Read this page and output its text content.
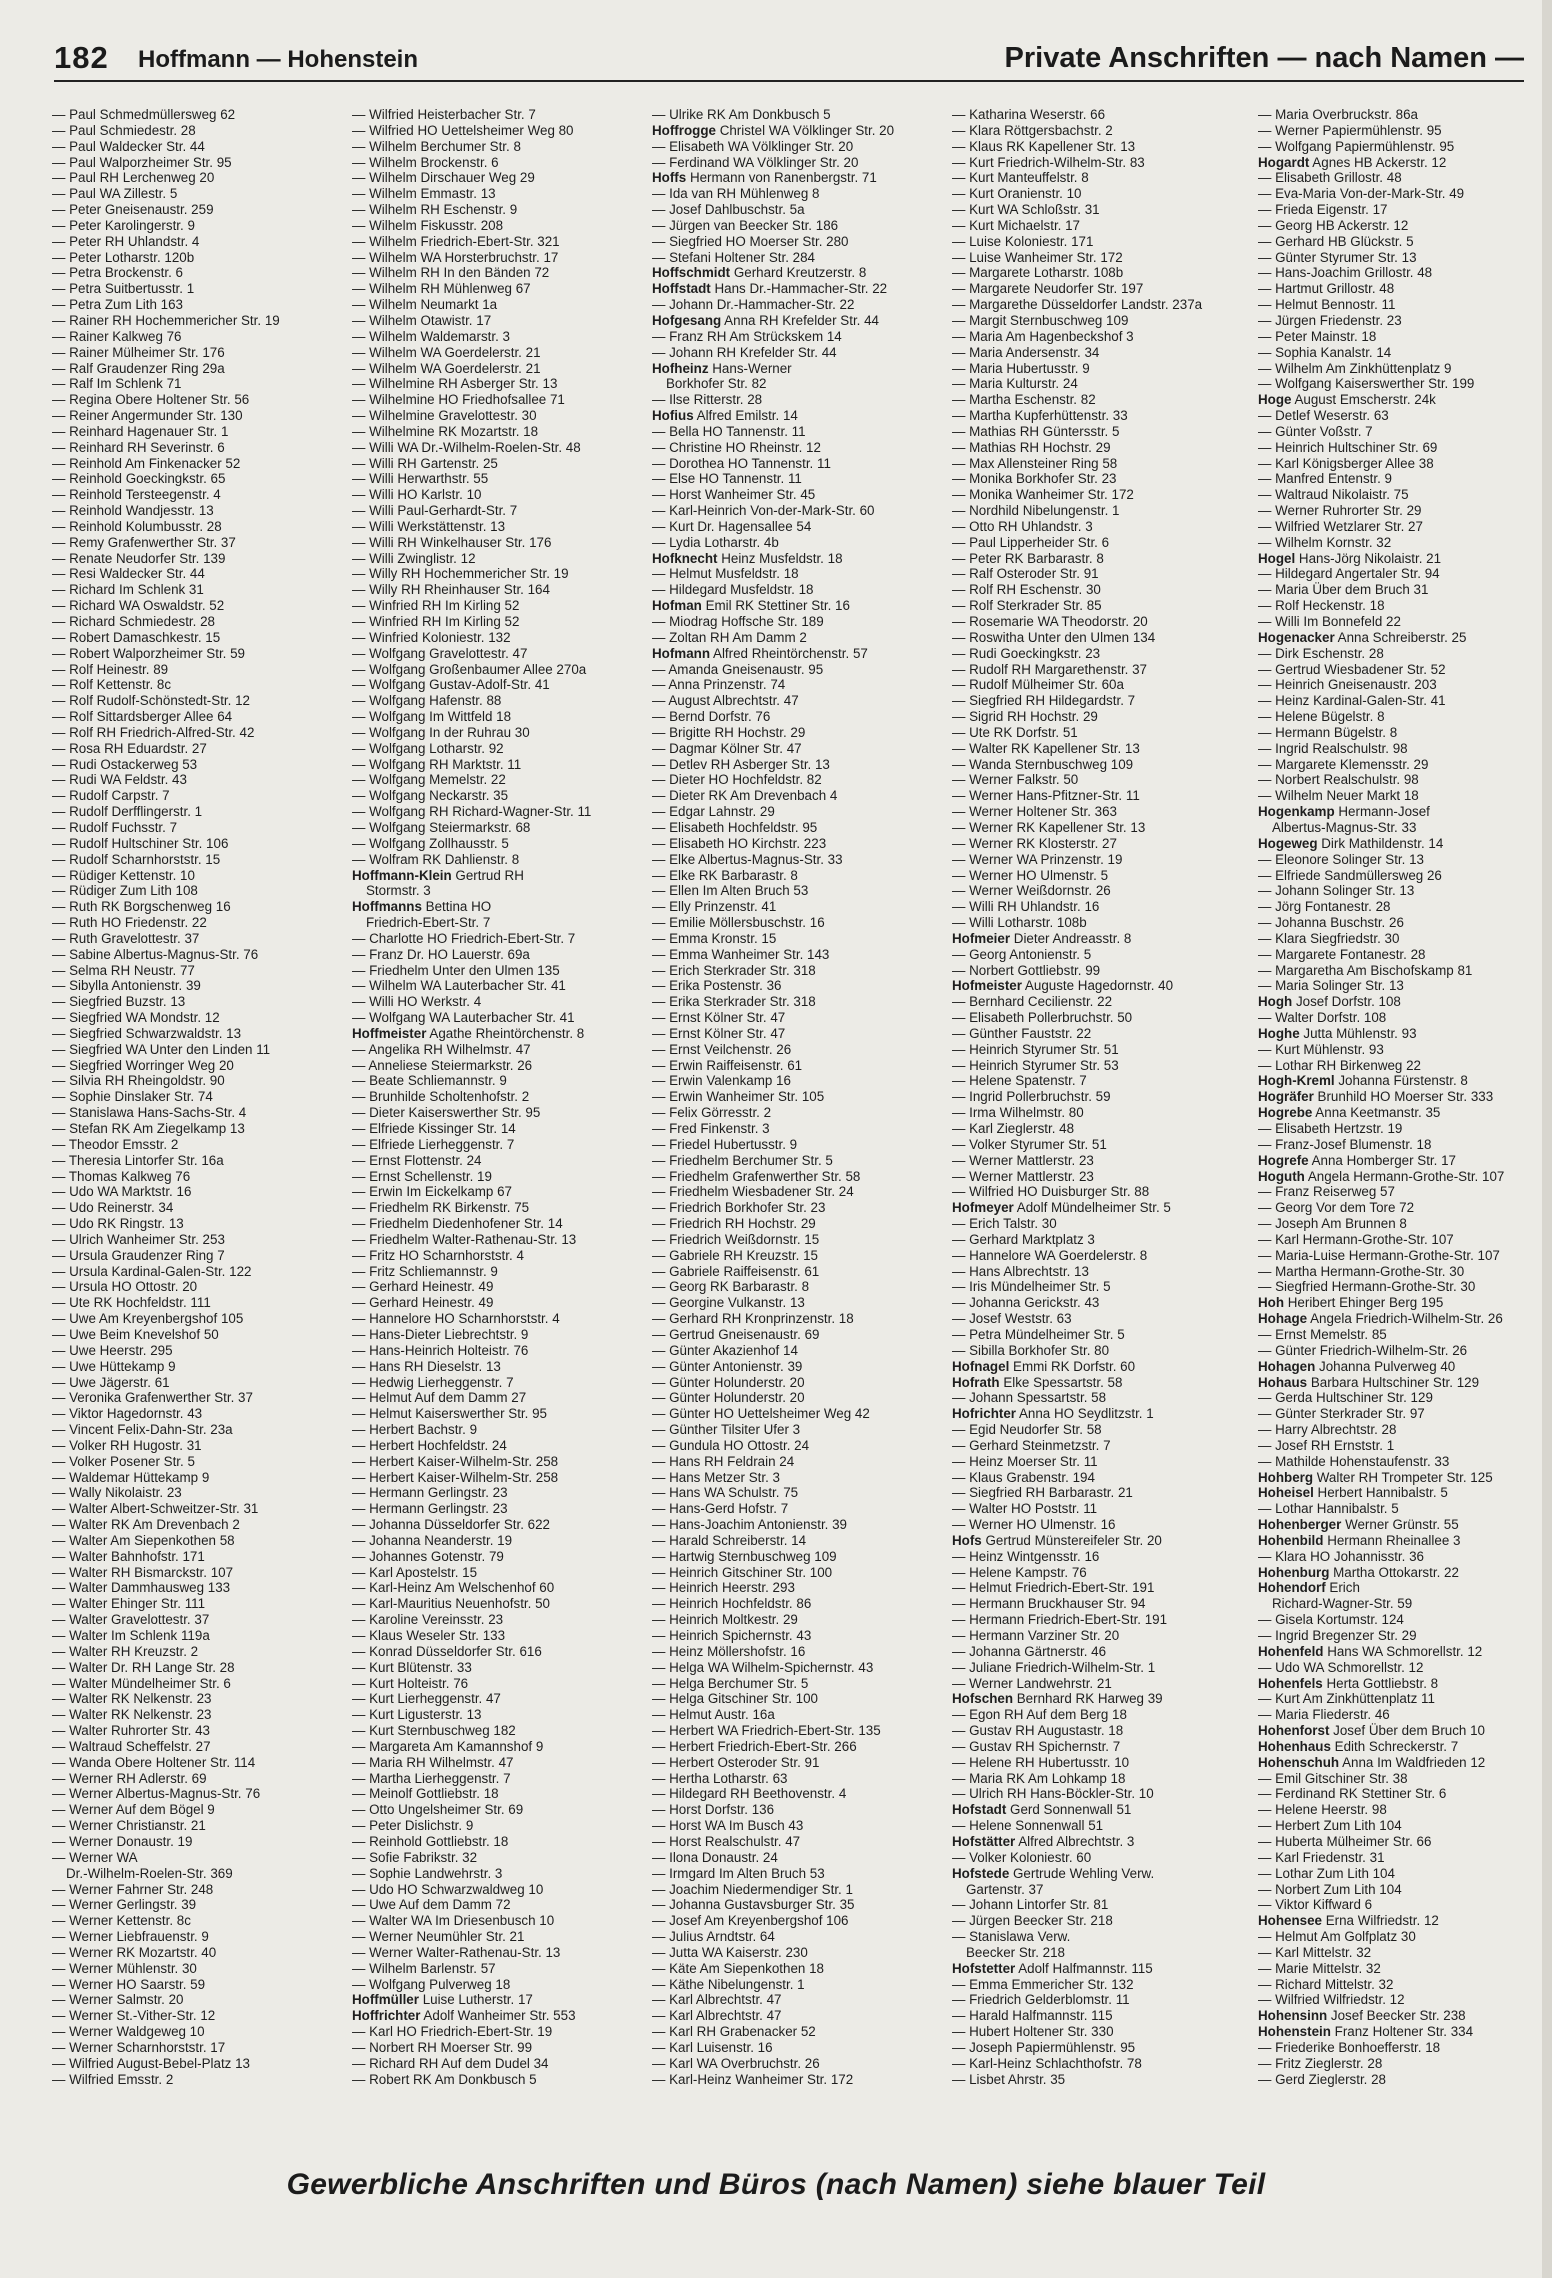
182 Hoffmann — Hohenstein	Private Anschriften — nach Namen —
— Paul Schmedmüllersweg 62
— Paul Schmiedestr. 28
— Paul Waldecker Str. 44
— Paul Walporzheimer Str. 95
— Paul RH Lerchenweg 20
— Paul WA Zillestr. 5
— Peter Gneisenaustr. 259
— Peter Karolingerstr. 9
— Peter RH Uhlandstr. 4
— Peter Lotharstr. 120b
— Petra Brockenstr. 6
— Petra Suitbertusstr. 1
— Petra Zum Lith 163
— Rainer RH Hochemmericher Str. 19
— Rainer Kalkweg 76
— Rainer Mülheimer Str. 176
— Ralf Graudenzer Ring 29a
— Ralf Im Schlenk 71
— Regina Obere Holtener Str. 56
— Reiner Angermunder Str. 130
— Reinhard Hagenauer Str. 1
— Reinhard RH Severinstr. 6
— Reinhold Am Finkenacker 52
— Reinhold Goeckingkstr. 65
— Reinhold Tersteegenstr. 4
— Reinhold Wandjesstr. 13
— Reinhold Kolumbusstr. 28
— Remy Grafenwerther Str. 37
— Renate Neudorfer Str. 139
— Resi Waldecker Str. 44
— Richard Im Schlenk 31
— Richard WA Oswaldstr. 52
— Richard Schmiedestr. 28
— Robert Damaschkestr. 15
— Robert Walporzheimer Str. 59
— Rolf Heinestr. 89
— Rolf Kettenstr. 8c
— Rolf Rudolf-Schönstedt-Str. 12
— Rolf Sittardsberger Allee 64
— Rolf RH Friedrich-Alfred-Str. 42
— Rosa RH Eduardstr. 27
— Rudi Ostackerweg 53
— Rudi WA Feldstr. 43
— Rudolf Carpstr. 7
— Rudolf Derfflingerstr. 1
— Rudolf Fuchsstr. 7
— Rudolf Hultschiner Str. 106
— Rudolf Scharnhorststr. 15
— Rüdiger Kettenstr. 10
— Rüdiger Zum Lith 108
— Ruth RK Borgschenweg 16
— Ruth HO Friedenstr. 22
— Ruth Gravelottestr. 37
— Sabine Albertus-Magnus-Str. 76
— Selma RH Neustr. 77
— Sibylla Antonienstr. 39
— Siegfried Buzstr. 13
— Siegfried WA Mondstr. 12
— Siegfried Schwarzwaldstr. 13
— Siegfried WA Unter den Linden 11
— Siegfried Worringer Weg 20
— Silvia RH Rheingoldstr. 90
— Sophie Dinslaker Str. 74
— Stanislawa Hans-Sachs-Str. 4
— Stefan RK Am Ziegelkamp 13
— Theodor Emsstr. 2
— Theresia Lintorfer Str. 16a
— Thomas Kalkweg 76
— Udo WA Marktstr. 16
— Udo Reinerstr. 34
— Udo RK Ringstr. 13
— Ulrich Wanheimer Str. 253
— Ursula Graudenzer Ring 7
— Ursula Kardinal-Galen-Str. 122
— Ursula HO Ottostr. 20
— Ute RK Hochfeldstr. 111
— Uwe Am Kreyenbergshof 105
— Uwe Beim Knevelshof 50
— Uwe Heerstr. 295
— Uwe Hüttekamp 9
— Uwe Jägerstr. 61
— Veronika Grafenwerther Str. 37
— Viktor Hagedornstr. 43
— Vincent Felix-Dahn-Str. 23a
— Volker RH Hugostr. 31
— Volker Posener Str. 5
— Waldemar Hüttekamp 9
— Wally Nikolaistr. 23
— Walter Albert-Schweitzer-Str. 31
— Walter RK Am Drevenbach 2
— Walter Am Siepenkothen 58
— Walter Bahnhofstr. 171
— Walter RH Bismarckstr. 107
— Walter Dammhausweg 133
— Walter Ehinger Str. 111
— Walter Gravelottestr. 37
— Walter Im Schlenk 119a
— Walter RH Kreuzstr. 2
— Walter Dr. RH Lange Str. 28
— Walter Mündelheimer Str. 6
— Walter RK Nelkenstr. 23
— Walter RK Nelkenstr. 23
— Walter Ruhrorter Str. 43
— Waltraud Scheffelstr. 27
— Wanda Obere Holtener Str. 114
— Werner RH Adlerstr. 69
— Werner Albertus-Magnus-Str. 76
— Werner Auf dem Bögel 9
— Werner Christianstr. 21
— Werner Donaustr. 19
— Werner WA
Dr.-Wilhelm-Roelen-Str. 369
— Werner Fahrner Str. 248
— Werner Gerlingstr. 39
— Werner Kettenstr. 8c
— Werner Liebfrauenstr. 9
— Werner RK Mozartstr. 40
— Werner Mühlenstr. 30
— Werner HO Saarstr. 59
— Werner Salmstr. 20
— Werner St.-Vither-Str. 12
— Werner Waldgeweg 10
— Werner Scharnhorststr. 17
— Wilfried August-Bebel-Platz 13
— Wilfried Emsstr. 2
— Wilfried Heisterbacher Str. 7
— Wilfried HO Uettelsheimer Weg 80
— Wilhelm Berchumer Str. 8
— Wilhelm Brockenstr. 6
— Wilhelm Dirschauer Weg 29
— Wilhelm Emmastr. 13
— Wilhelm RH Eschenstr. 9
— Wilhelm Fiskusstr. 208
— Wilhelm Friedrich-Ebert-Str. 321
— Wilhelm WA Horsterbruchstr. 17
— Wilhelm RH In den Bänden 72
— Wilhelm RH Mühlenweg 67
— Wilhelm Neumarkt 1a
— Wilhelm Otawistr. 17
— Wilhelm Waldemarstr. 3
— Wilhelm WA Goerdelerstr. 21
— Wilhelm WA Goerdelerstr. 21
— Wilhelmine RH Asberger Str. 13
— Wilhelmine HO Friedhofsallee 71
— Wilhelmine Gravelottestr. 30
— Wilhelmine RK Mozartstr. 18
— Willi WA Dr.-Wilhelm-Roelen-Str. 48
— Willi RH Gartenstr. 25
— Willi Herwarthstr. 55
— Willi HO Karlstr. 10
— Willi Paul-Gerhardt-Str. 7
— Willi Werkstättenstr. 13
— Willi RH Winkelhauser Str. 176
— Willi Zwinglistr. 12
— Willy RH Hochemmericher Str. 19
— Willy RH Rheinhauser Str. 164
— Winfried RH Im Kirling 52
— Winfried RH Im Kirling 52
— Winfried Koloniestr. 132
— Wolfgang Gravelottestr. 47
— Wolfgang Großenbaumer Allee 270a
— Wolfgang Gustav-Adolf-Str. 41
— Wolfgang Hafenstr. 88
— Wolfgang Im Wittfeld 18
— Wolfgang In der Ruhrau 30
— Wolfgang Lotharstr. 92
— Wolfgang RH Marktstr. 11
— Wolfgang Memelstr. 22
— Wolfgang Neckarstr. 35
— Wolfgang RH Richard-Wagner-Str. 11
— Wolfgang Steiermarkstr. 68
— Wolfgang Zollhausstr. 5
— Wolfram RK Dahlienstr. 8
Hoffmann-Klein Gertrud RH
Stormstr. 3
Hoffmanns Bettina HO
Friedrich-Ebert-Str. 7
— Charlotte HO Friedrich-Ebert-Str. 7
— Franz Dr. HO Lauerstr. 69a
— Friedhelm Unter den Ulmen 135
— Wilhelm WA Lauterbacher Str. 41
— Willi HO Werkstr. 4
— Wolfgang WA Lauterbacher Str. 41
Hoffmeister Agathe Rheintörchenstr. 8
— Angelika RH Wilhelmstr. 47
— Anneliese Steiermarkstr. 26
— Beate Schliemannstr. 9
— Brunhilde Scholtenhofstr. 2
— Dieter Kaiserswerther Str. 95
— Elfriede Kissinger Str. 14
— Elfriede Lierheggenstr. 7
— Ernst Flottenstr. 24
— Ernst Schellenstr. 19
— Erwin Im Eickelkamp 67
— Friedhelm RK Birkenstr. 75
— Friedhelm Diedenhofener Str. 14
— Friedhelm Walter-Rathenau-Str. 13
— Fritz HO Scharnhorststr. 4
— Fritz Schliemannstr. 9
— Gerhard Heinestr. 49
— Gerhard Heinestr. 49
— Hannelore HO Scharnhorststr. 4
— Hans-Dieter Liebrechtstr. 9
— Hans-Heinrich Holteistr. 76
— Hans RH Dieselstr. 13
— Hedwig Lierheggenstr. 7
— Helmut Auf dem Damm 27
— Helmut Kaiserswerther Str. 95
— Herbert Bachstr. 9
— Herbert Hochfeldstr. 24
— Herbert Kaiser-Wilhelm-Str. 258
— Herbert Kaiser-Wilhelm-Str. 258
— Hermann Gerlingstr. 23
— Hermann Gerlingstr. 23
— Johanna Düsseldorfer Str. 622
— Johanna Neanderstr. 19
— Johannes Gotenstr. 79
— Karl Apostelstr. 15
— Karl-Heinz Am Welschenhof 60
— Karl-Mauritius Neuenhofstr. 50
— Karoline Vereinsstr. 23
— Klaus Weseler Str. 133
— Konrad Düsseldorfer Str. 616
— Kurt Blütenstr. 33
— Kurt Holteistr. 76
— Kurt Lierheggenstr. 47
— Kurt Ligusterstr. 13
— Kurt Sternbuschweg 182
— Margareta Am Kamannshof 9
— Maria RH Wilhelmstr. 47
— Martha Lierheggenstr. 7
— Meinolf Gottliebstr. 18
— Otto Ungelsheimer Str. 69
— Peter Dislichstr. 9
— Reinhold Gottliebstr. 18
— Sofie Fabrikstr. 32
— Sophie Landwehrstr. 3
— Udo HO Schwarzwaldweg 10
— Uwe Auf dem Damm 72
— Walter WA Im Driesenbusch 10
— Werner Neumühler Str. 21
— Werner Walter-Rathenau-Str. 13
— Wilhelm Barlenstr. 57
— Wolfgang Pulverweg 18
Hoffmüller Luise Lutherstr. 17
Hoffrichter Adolf Wanheimer Str. 553
— Karl HO Friedrich-Ebert-Str. 19
— Norbert RH Moerser Str. 99
— Richard RH Auf dem Dudel 34
— Robert RK Am Donkbusch 5
— Ulrike RK Am Donkbusch 5
Hoffrogge Christel WA Völklinger Str. 20
— Elisabeth WA Völklinger Str. 20
— Ferdinand WA Völklinger Str. 20
Hoffs Hermann von Ranenbergstr. 71
— Ida van RH Mühlenweg 8
— Josef Dahlbuschstr. 5a
— Jürgen van Beecker Str. 186
— Siegfried HO Moerser Str. 280
— Stefani Holtener Str. 284
Hoffschmidt Gerhard Kreutzerstr. 8
Hoffstadt Hans Dr.-Hammacher-Str. 22
— Johann Dr.-Hammacher-Str. 22
Hofgesang Anna RH Krefelder Str. 44
— Franz RH Am Strückskem 14
— Johann RH Krefelder Str. 44
Hofheinz Hans-Werner
Borkhofer Str. 82
— Ilse Ritterstr. 28
Hofius Alfred Emilstr. 14
— Bella HO Tannenstr. 11
— Christine HO Rheinstr. 12
— Dorothea HO Tannenstr. 11
— Else HO Tannenstr. 11
— Horst Wanheimer Str. 45
— Karl-Heinrich Von-der-Mark-Str. 60
— Kurt Dr. Hagensallee 54
— Lydia Lotharstr. 4b
Hofknecht Heinz Musfeldstr. 18
— Helmut Musfeldstr. 18
— Hildegard Musfeldstr. 18
Hofman Emil RK Stettiner Str. 16
— Miodrag Hoffsche Str. 189
— Zoltan RH Am Damm 2
Hofmann Alfred Rheintörchenstr. 57
— Amanda Gneisenaustr. 95
— Anna Prinzenstr. 74
— August Albrechtstr. 47
— Bernd Dorfstr. 76
— Brigitte RH Hochstr. 29
— Dagmar Kölner Str. 47
— Detlev RH Asberger Str. 13
— Dieter HO Hochfeldstr. 82
— Dieter RK Am Drevenbach 4
— Edgar Lahnstr. 29
— Elisabeth Hochfeldstr. 95
— Elisabeth HO Kirchstr. 223
— Elke Albertus-Magnus-Str. 33
— Elke RK Barbarastr. 8
— Ellen Im Alten Bruch 53
— Elly Prinzenstr. 41
— Emilie Möllersbuschstr. 16
— Emma Kronstr. 15
— Emma Wanheimer Str. 143
— Erich Sterkrader Str. 318
— Erika Postenstr. 36
— Erika Sterkrader Str. 318
— Ernst Kölner Str. 47
— Ernst Kölner Str. 47
— Ernst Veilchenstr. 26
— Erwin Raiffeisenstr. 61
— Erwin Valenkamp 16
— Erwin Wanheimer Str. 105
— Felix Görresstr. 2
— Fred Finkenstr. 3
— Friedel Hubertusstr. 9
— Friedhelm Berchumer Str. 5
— Friedhelm Grafenwerther Str. 58
— Friedhelm Wiesbadener Str. 24
— Friedrich Borkhofer Str. 23
— Friedrich RH Hochstr. 29
— Friedrich Weißdornstr. 15
— Gabriele RH Kreuzstr. 15
— Gabriele Raiffeisenstr. 61
— Georg RK Barbarastr. 8
— Georgine Vulkanstr. 13
— Gerhard RH Kronprinzenstr. 18
— Gertrud Gneisenaustr. 69
— Günter Akazienhof 14
— Günter Antonienstr. 39
— Günter Holunderstr. 20
— Günter Holunderstr. 20
— Günter HO Uettelsheimer Weg 42
— Günther Tilsiter Ufer 3
— Gundula HO Ottostr. 24
— Hans RH Feldrain 24
— Hans Metzer Str. 3
— Hans WA Schulstr. 75
— Hans-Gerd Hofstr. 7
— Hans-Joachim Antonienstr. 39
— Harald Schreiberstr. 14
— Hartwig Sternbuschweg 109
— Heinrich Gitschiner Str. 100
— Heinrich Heerstr. 293
— Heinrich Hochfeldstr. 86
— Heinrich Moltkestr. 29
— Heinrich Spichernstr. 43
— Heinz Möllershofstr. 16
— Helga WA Wilhelm-Spichernstr. 43
— Helga Berchumer Str. 5
— Helga Gitschiner Str. 100
— Helmut Austr. 16a
— Herbert WA Friedrich-Ebert-Str. 135
— Herbert Friedrich-Ebert-Str. 266
— Herbert Osteroder Str. 91
— Hertha Lotharstr. 63
— Hildegard RH Beethovenstr. 4
— Horst Dorfstr. 136
— Horst WA Im Busch 43
— Horst Realschulstr. 47
— Ilona Donaustr. 24
— Irmgard Im Alten Bruch 53
— Joachim Niedermendiger Str. 1
— Johanna Gustavsburger Str. 35
— Josef Am Kreyenbergshof 106
— Julius Arndtstr. 64
— Jutta WA Kaiserstr. 230
— Käte Am Siepenkothen 18
— Käthe Nibelungenstr. 1
— Karl Albrechtstr. 47
— Karl Albrechtstr. 47
— Karl RH Grabenacker 52
— Karl Luisenstr. 16
— Karl WA Overbruchstr. 26
— Karl-Heinz Wanheimer Str. 172
— Katharina Weserstr. 66
— Klara Röttgersbachstr. 2
— Klaus RK Kapellener Str. 13
— Kurt Friedrich-Wilhelm-Str. 83
— Kurt Manteuffelstr. 8
— Kurt Oranienstr. 10
— Kurt WA Schloßstr. 31
— Kurt Michaelstr. 17
— Luise Koloniestr. 171
— Luise Wanheimer Str. 172
— Margarete Lotharstr. 108b
— Margarete Neudorfer Str. 197
— Margarethe Düsseldorfer Landstr. 237a
— Margit Sternbuschweg 109
— Maria Am Hagenbeckshof 3
— Maria Andersenstr. 34
— Maria Hubertusstr. 9
— Maria Kulturstr. 24
— Martha Eschenstr. 82
— Martha Kupferhüttenstr. 33
— Mathias RH Güntersstr. 5
— Mathias RH Hochstr. 29
— Max Allensteiner Ring 58
— Monika Borkhofer Str. 23
— Monika Wanheimer Str. 172
— Nordhild Nibelungenstr. 1
— Otto RH Uhlandstr. 3
— Paul Lipperheider Str. 6
— Peter RK Barbarastr. 8
— Ralf Osteroder Str. 91
— Rolf RH Eschenstr. 30
— Rolf Sterkrader Str. 85
— Rosemarie WA Theodorstr. 20
— Roswitha Unter den Ulmen 134
— Rudi Goeckingkstr. 23
— Rudolf RH Margarethenstr. 37
— Rudolf Mülheimer Str. 60a
— Siegfried RH Hildegardstr. 7
— Sigrid RH Hochstr. 29
— Ute RK Dorfstr. 51
— Walter RK Kapellener Str. 13
— Wanda Sternbuschweg 109
— Werner Falkstr. 50
— Werner Hans-Pfitzner-Str. 11
— Werner Holtener Str. 363
— Werner RK Kapellener Str. 13
— Werner RK Klosterstr. 27
— Werner WA Prinzenstr. 19
— Werner HO Ulmenstr. 5
— Werner Weißdornstr. 26
— Willi RH Uhlandstr. 16
— Willi Lotharstr. 108b
Hofmeier Dieter Andreasstr. 8
— Georg Antonienstr. 5
— Norbert Gottliebstr. 99
Hofmeister Auguste Hagedornstr. 40
— Bernhard Cecilienstr. 22
— Elisabeth Pollerbruchstr. 50
— Günther Fauststr. 22
— Heinrich Styrumer Str. 51
— Heinrich Styrumer Str. 53
— Helene Spatenstr. 7
— Ingrid Pollerbruchstr. 59
— Irma Wilhelmstr. 80
— Karl Zieglerstr. 48
— Volker Styrumer Str. 51
— Werner Mattlerstr. 23
— Werner Mattlerstr. 23
— Wilfried HO Duisburger Str. 88
Hofmeyer Adolf Mündelheimer Str. 5
— Erich Talstr. 30
— Gerhard Marktplatz 3
— Hannelore WA Goerdelerstr. 8
— Hans Albrechtstr. 13
— Iris Mündelheimer Str. 5
— Johanna Gerickstr. 43
— Josef Weststr. 63
— Petra Mündelheimer Str. 5
— Sibilla Borkhofer Str. 80
Hofnagel Emmi RK Dorfstr. 60
Hofrath Elke Spessartstr. 58
— Johann Spessartstr. 58
Hofrichter Anna HO Seydlitzstr. 1
— Egid Neudorfer Str. 58
— Gerhard Steinmetzstr. 7
— Heinz Moerser Str. 11
— Klaus Grabenstr. 194
— Siegfried RH Barbarastr. 21
— Walter HO Poststr. 11
— Werner HO Ulmenstr. 16
Hofs Gertrud Münstereifeler Str. 20
— Heinz Wintgensstr. 16
— Helene Kampstr. 76
— Helmut Friedrich-Ebert-Str. 191
— Hermann Bruckhauser Str. 94
— Hermann Friedrich-Ebert-Str. 191
— Hermann Varziner Str. 20
— Johanna Gärtnerstr. 46
— Juliane Friedrich-Wilhelm-Str. 1
— Werner Landwehrstr. 21
Hofschen Bernhard RK Harweg 39
— Egon RH Auf dem Berg 18
— Gustav RH Augustastr. 18
— Gustav RH Spichernstr. 7
— Helene RH Hubertusstr. 10
— Maria RK Am Lohkamp 18
— Ulrich RH Hans-Böckler-Str. 10
Hofstadt Gerd Sonnenwall 51
— Helene Sonnenwall 51
Hofstätter Alfred Albrechtstr. 3
— Volker Koloniestr. 60
Hofstede Gertrude Wehling Verw.
Gartenstr. 37
— Johann Lintorfer Str. 81
— Jürgen Beecker Str. 218
— Stanislawa Verw.
Beecker Str. 218
Hofstetter Adolf Halfmannstr. 115
— Emma Emmericher Str. 132
— Friedrich Gelderblomstr. 11
— Harald Halfmannstr. 115
— Hubert Holtener Str. 330
— Joseph Papiermühlenstr. 95
— Karl-Heinz Schlachthofstr. 78
— Lisbet Ahrstr. 35
— Maria Overbruckstr. 86a
— Werner Papiermühlenstr. 95
— Wolfgang Papiermühlenstr. 95
Hogardt Agnes HB Ackerstr. 12
— Elisabeth Grillostr. 48
— Eva-Maria Von-der-Mark-Str. 49
— Frieda Eigenstr. 17
— Georg HB Ackerstr. 12
— Gerhard HB Glückstr. 5
— Günter Styrumer Str. 13
— Hans-Joachim Grillostr. 48
— Hartmut Grillostr. 48
— Helmut Bennostr. 11
— Jürgen Friedenstr. 23
— Peter Mainstr. 18
— Sophia Kanalstr. 14
— Wilhelm Am Zinkhüttenplatz 9
— Wolfgang Kaiserswerther Str. 199
Hoge August Emscherstr. 24k
— Detlef Weserstr. 63
— Günter Voßstr. 7
— Heinrich Hultschiner Str. 69
— Karl Königsberger Allee 38
— Manfred Entenstr. 9
— Waltraud Nikolaistr. 75
— Werner Ruhrorter Str. 29
— Wilfried Wetzlarer Str. 27
— Wilhelm Kornstr. 32
Hogel Hans-Jörg Nikolaistr. 21
— Hildegard Angertaler Str. 94
— Maria Über dem Bruch 31
— Rolf Heckenstr. 18
— Willi Im Bonnefeld 22
Hogenacker Anna Schreiberstr. 25
— Dirk Eschenstr. 28
— Gertrud Wiesbadener Str. 52
— Heinrich Gneisenaustr. 203
— Heinz Kardinal-Galen-Str. 41
— Helene Bügelstr. 8
— Hermann Bügelstr. 8
— Ingrid Realschulstr. 98
— Margarete Klemensstr. 29
— Norbert Realschulstr. 98
— Wilhelm Neuer Markt 18
Hogenkamp Hermann-Josef
Albertus-Magnus-Str. 33
Hogeweg Dirk Mathildenstr. 14
— Eleonore Solinger Str. 13
— Elfriede Sandmüllersweg 26
— Johann Solinger Str. 13
— Jörg Fontanestr. 28
— Johanna Buschstr. 26
— Klara Siegfriedstr. 30
— Margarete Fontanestr. 28
— Margaretha Am Bischofskamp 81
— Maria Solinger Str. 13
Hogh Josef Dorfstr. 108
— Walter Dorfstr. 108
Hoghe Jutta Mühlenstr. 93
— Kurt Mühlenstr. 93
— Lothar RH Birkenweg 22
Hogh-Kreml Johanna Fürstenstr. 8
Hogräfer Brunhild HO Moerser Str. 333
Hogrebe Anna Keetmanstr. 35
— Elisabeth Hertzstr. 19
— Franz-Josef Blumenstr. 18
Hogrefe Anna Homberger Str. 17
Hoguth Angela Hermann-Grothe-Str. 107
— Franz Reiserweg 57
— Georg Vor dem Tore 72
— Joseph Am Brunnen 8
— Karl Hermann-Grothe-Str. 107
— Maria-Luise Hermann-Grothe-Str. 107
— Martha Hermann-Grothe-Str. 30
— Siegfried Hermann-Grothe-Str. 30
Hoh Heribert Ehinger Berg 195
Hohage Angela Friedrich-Wilhelm-Str. 26
— Ernst Memelstr. 85
— Günter Friedrich-Wilhelm-Str. 26
Hohagen Johanna Pulverweg 40
Hohaus Barbara Hultschiner Str. 129
— Gerda Hultschiner Str. 129
— Günter Sterkrader Str. 97
— Harry Albrechtstr. 28
— Josef RH Ernststr. 1
— Mathilde Hohenstaufenstr. 33
Hohberg Walter RH Trompeter Str. 125
Hoheisel Herbert Hannibalstr. 5
— Lothar Hannibalstr. 5
Hohenberger Werner Grünstr. 55
Hohenbild Hermann Rheinallee 3
— Klara HO Johannisstr. 36
Hohenburg Martha Ottokarstr. 22
Hohendorf Erich
Richard-Wagner-Str. 59
— Gisela Kortumstr. 124
— Ingrid Bregenzer Str. 29
Hohenfeld Hans WA Schmorellstr. 12
— Udo WA Schmorellstr. 12
Hohenfels Herta Gottliebstr. 8
— Kurt Am Zinkhüttenplatz 11
— Maria Fliederstr. 46
Hohenforst Josef Über dem Bruch 10
Hohenhaus Edith Schreckerstr. 7
Hohenschuh Anna Im Waldfrieden 12
— Emil Gitschiner Str. 38
— Ferdinand RK Stettiner Str. 6
— Helene Heerstr. 98
— Herbert Zum Lith 104
— Huberta Mülheimer Str. 66
— Karl Friedenstr. 31
— Lothar Zum Lith 104
— Norbert Zum Lith 104
— Viktor Kiffward 6
Hohensee Erna Wilfriedstr. 12
— Helmut Am Golfplatz 30
— Karl Mittelstr. 32
— Marie Mittelstr. 32
— Richard Mittelstr. 32
— Wilfried Wilfriedstr. 12
Hohensinn Josef Beecker Str. 238
Hohenstein Franz Holtener Str. 334
— Friederike Bonhoefferstr. 18
— Fritz Zieglerstr. 28
— Gerd Zieglerstr. 28
Gewerbliche Anschriften und Büros (nach Namen) siehe blauer Teil
